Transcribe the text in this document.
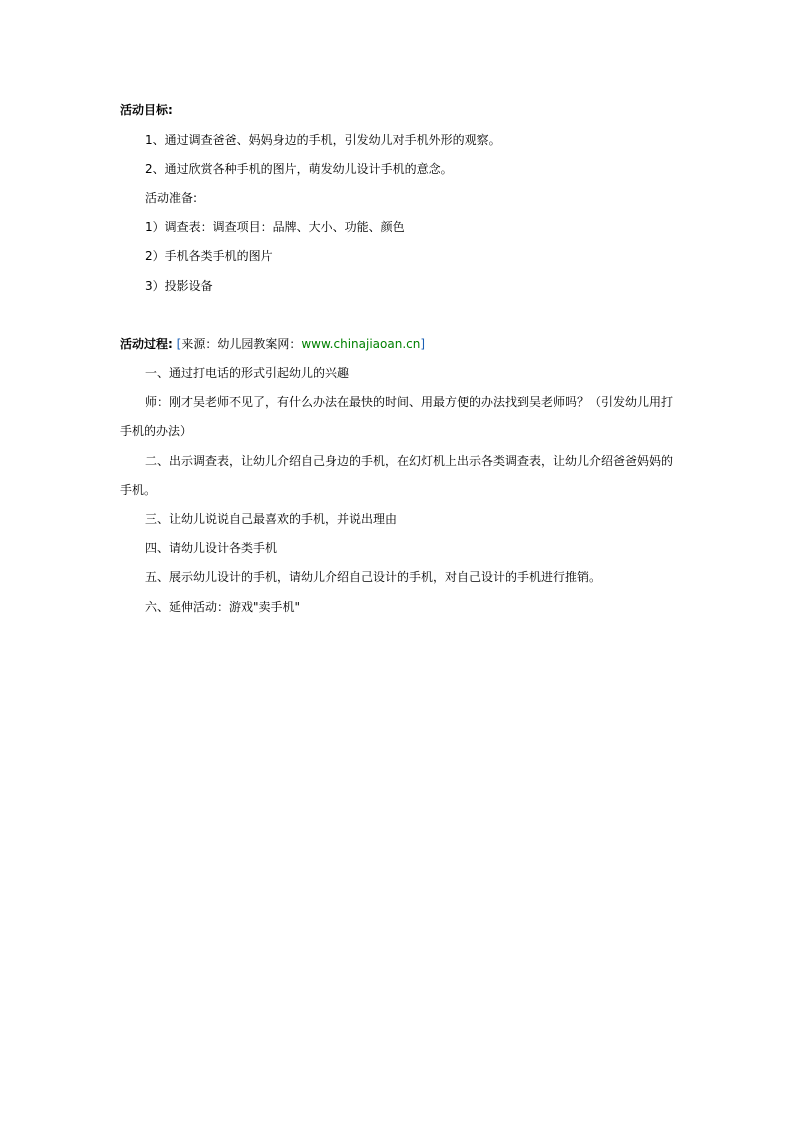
活动目标:
1、通过调查爸爸、妈妈身边的手机，引发幼儿对手机外形的观察。
2、通过欣赏各种手机的图片，萌发幼儿设计手机的意念。
活动准备:
1）调查表：调查项目：品牌、大小、功能、颜色
2）手机各类手机的图片
3）投影设备
活动过程: [来源：幼儿园教案网：www.chinajiaoan.cn]
一、通过打电话的形式引起幼儿的兴趣
师：刚才吴老师不见了，有什么办法在最快的时间、用最方便的办法找到吴老师吗？（引发幼儿用打
手机的办法）
二、出示调查表，让幼儿介绍自己身边的手机，在幻灯机上出示各类调查表，让幼儿介绍爸爸妈妈的
手机。
三、让幼儿说说自己最喜欢的手机，并说出理由
四、请幼儿设计各类手机
五、展示幼儿设计的手机，请幼儿介绍自己设计的手机，对自己设计的手机进行推销。
六、延伸活动：游戏"卖手机"
